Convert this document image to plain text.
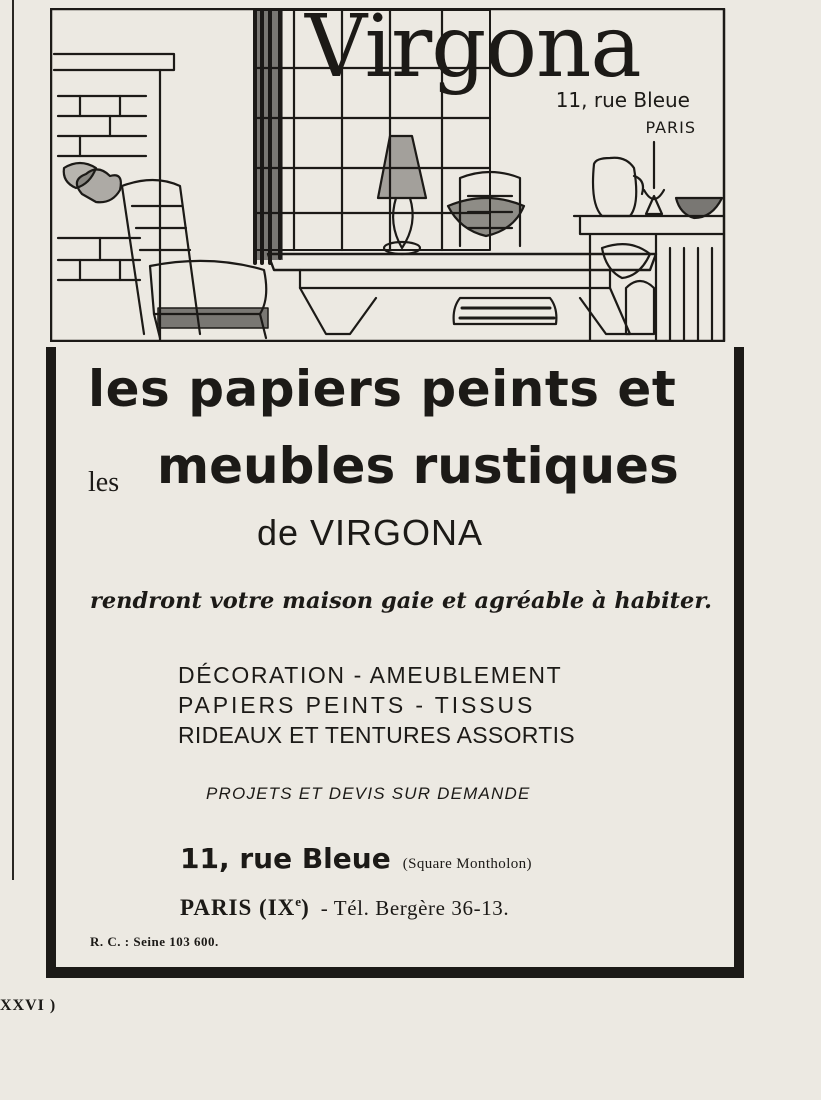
Virgona
11, rue Bleue
PARIS
les papiers peints et
les meubles rustiques
de VIRGONA
rendront votre maison gaie et agréable à habiter.
DÉCORATION - AMEUBLEMENT
PAPIERS PEINTS - TISSUS
RIDEAUX ET TENTURES ASSORTIS
PROJETS ET DEVIS SUR DEMANDE
11, rue Bleue (Square Montholon)
PARIS (IXe) - Tél. Bergère 36-13.
R. C. : Seine 103 600.
XXVI )
